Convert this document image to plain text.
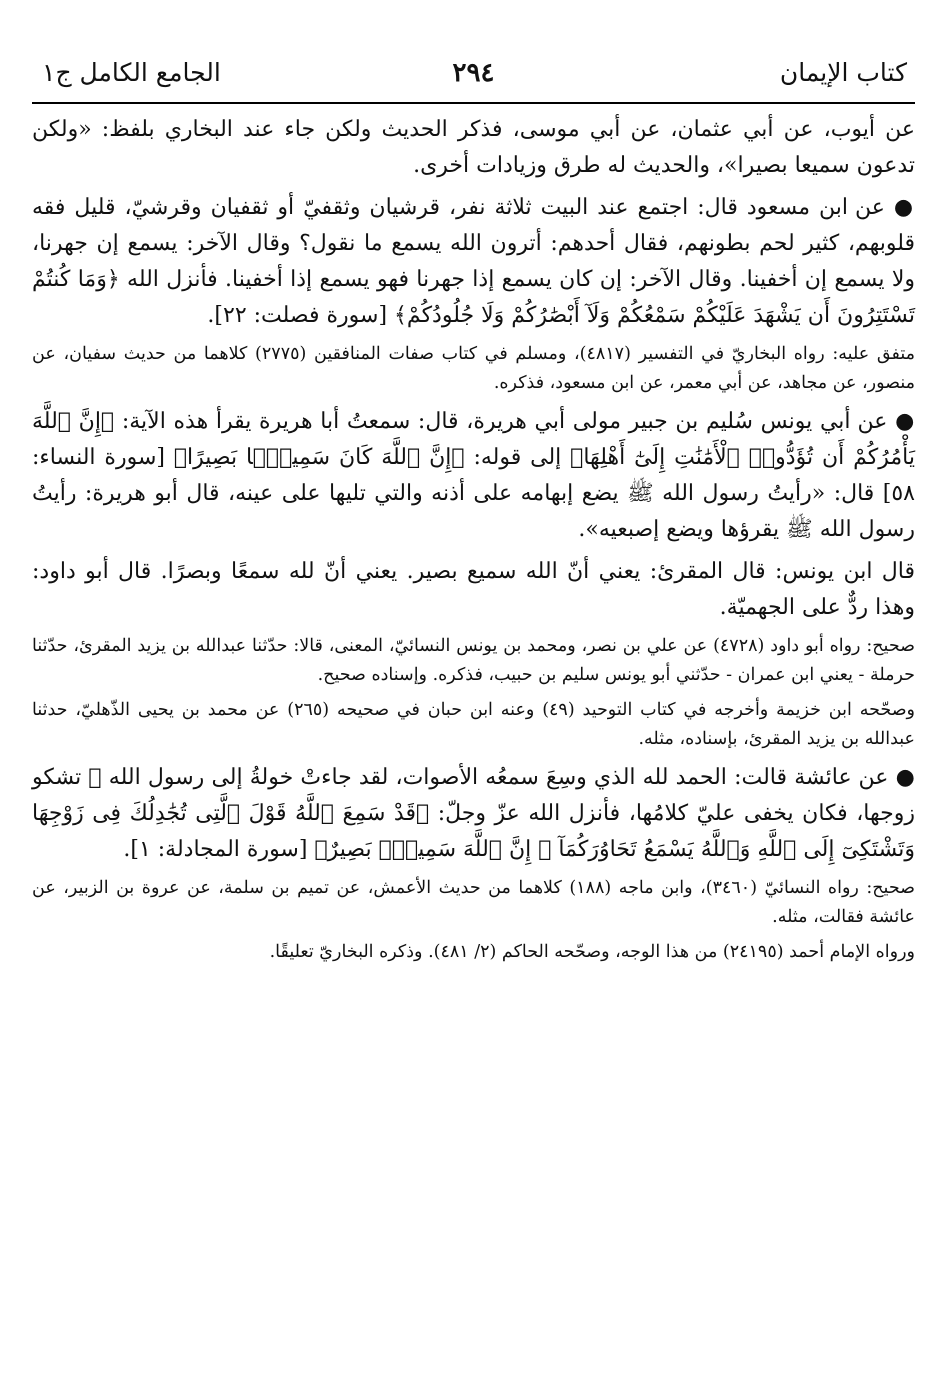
كتاب الإيمان
٢٩٤
الجامع الكامل ج١

عن أيوب، عن أبي عثمان، عن أبي موسى، فذكر الحديث ولكن جاء عند البخاري بلفظ: «ولكن تدعون سميعا بصيرا»، والحديث له طرق وزيادات أخرى.

● عن ابن مسعود قال: اجتمع عند البيت ثلاثة نفر، قرشيان وثقفيّ أو ثقفيان وقرشيّ، قليل فقه قلوبهم، كثير لحم بطونهم، فقال أحدهم: أترون الله يسمع ما نقول؟ وقال الآخر: يسمع إن جهرنا، ولا يسمع إن أخفينا. وقال الآخر: إن كان يسمع إذا جهرنا فهو يسمع إذا أخفينا. فأنزل الله ﴿وَمَا كُنتُمْ تَسْتَتِرُونَ أَن يَشْهَدَ عَلَيْكُمْ سَمْعُكُمْ وَلَآ أَبْصَٰرُكُمْ وَلَا جُلُودُكُمْ﴾ [سورة فصلت: ٢٢].

متفق عليه: رواه البخاريّ في التفسير (٤٨١٧)، ومسلم في كتاب صفات المنافقين (٢٧٧٥) كلاهما من حديث سفيان، عن منصور، عن مجاهد، عن أبي معمر، عن ابن مسعود، فذكره.

● عن أبي يونس سُليم بن جبير مولى أبي هريرة، قال: سمعتُ أبا هريرة يقرأ هذه الآية: ﴿إِنَّ ٱللَّهَ يَأْمُرُكُمْ أَن تُؤَدُّوا۟ ٱلْأَمَٰنَٰتِ إِلَىٰٓ أَهْلِهَا﴾ إلى قوله: ﴿إِنَّ ٱللَّهَ كَانَ سَمِيعًۢا بَصِيرًا﴾ [سورة النساء: ٥٨] قال: «رأيتُ رسول الله ﷺ يضع إبهامه على أذنه والتي تليها على عينه، قال أبو هريرة: رأيتُ رسول الله ﷺ يقرؤها ويضع إصبعيه».

قال ابن يونس: قال المقرئ: يعني أنّ الله سميع بصير. يعني أنّ لله سمعًا وبصرًا. قال أبو داود: وهذا ردٌّ على الجهميّة.

صحيح: رواه أبو داود (٤٧٢٨) عن علي بن نصر، ومحمد بن يونس النسائيّ، المعنى، قالا: حدّثنا عبدالله بن يزيد المقرئ، حدّثنا حرملة - يعني ابن عمران - حدّثني أبو يونس سليم بن حبيب، فذكره. وإسناده صحيح.

وصحّحه ابن خزيمة وأخرجه في كتاب التوحيد (٤٩) وعنه ابن حبان في صحيحه (٢٦٥) عن محمد بن يحيى الذّهليّ، حدثنا عبدالله بن يزيد المقرئ، بإسناده، مثله.

● عن عائشة قالت: الحمد لله الذي وسِعَ سمعُه الأصوات، لقد جاءتْ خولةُ إلى رسول الله ﷺ تشكو زوجها، فكان يخفى عليّ كلامُها، فأنزل الله عزّ وجلّ: ﴿قَدْ سَمِعَ ٱللَّهُ قَوْلَ ٱلَّتِى تُجَٰدِلُكَ فِى زَوْجِهَا وَتَشْتَكِىٓ إِلَى ٱللَّهِ وَٱللَّهُ يَسْمَعُ تَحَاوُرَكُمَآ ۚ إِنَّ ٱللَّهَ سَمِيعٌۢ بَصِيرٌ﴾ [سورة المجادلة: ١].

صحيح: رواه النسائيّ (٣٤٦٠)، وابن ماجه (١٨٨) كلاهما من حديث الأعمش، عن تميم بن سلمة، عن عروة بن الزبير، عن عائشة فقالت، مثله.

ورواه الإمام أحمد (٢٤١٩٥) من هذا الوجه، وصحّحه الحاكم (٢/ ٤٨١). وذكره البخاريّ تعليقًا.
